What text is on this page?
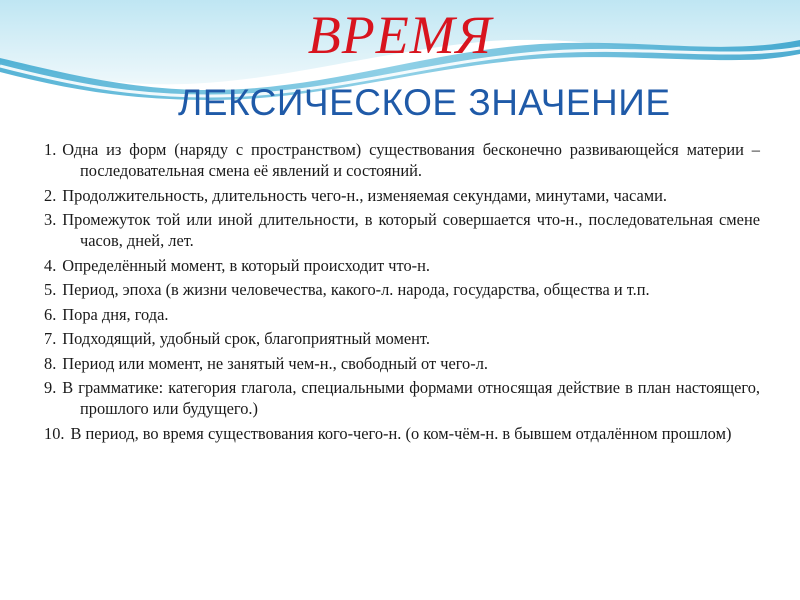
ВРЕМЯ
ЛЕКСИЧЕСКОЕ ЗНАЧЕНИЕ
1. Одна из форм (наряду с пространством) существования бесконечно развивающейся материи – последовательная смена её явлений и состояний.
2. Продолжительность, длительность чего-н., изменяемая секундами, минутами, часами.
3. Промежуток той или иной длительности, в который совершается что-н., последовательная смене часов, дней, лет.
4. Определённый момент, в который происходит что-н.
5. Период, эпоха (в жизни человечества, какого-л. народа, государства, общества и т.п.
6. Пора дня, года.
7. Подходящий, удобный срок, благоприятный момент.
8. Период или момент, не занятый чем-н., свободный от чего-л.
9. В грамматике: категория глагола, специальными формами относящая действие в план настоящего, прошлого или будущего.)
10. В период, во время существования кого-чего-н. (о ком-чём-н. в бывшем отдалённом прошлом)
